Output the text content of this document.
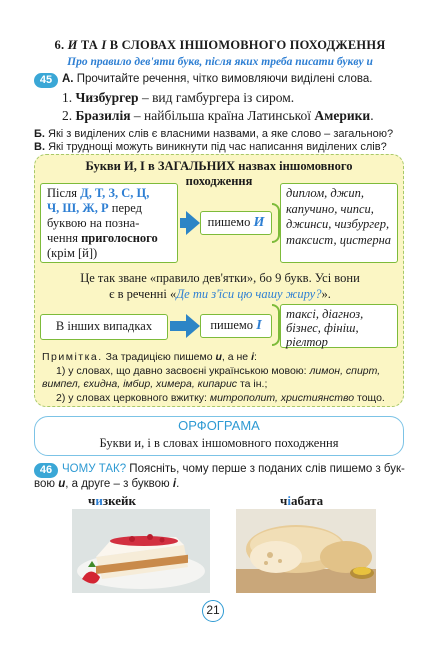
6. И ТА І В СЛОВАХ ІНШОМОВНОГО ПОХОДЖЕННЯ
Про правило дев'яти букв, після яких треба писати букву и
45 А. Прочитайте речення, чітко вимовляючи виділені слова.
1. Чизбургер – вид гамбургера із сиром.
2. Бразилія – найбільша країна Латинської Америки.
Б. Які з виділених слів є власними назвами, а яке слово – загальною?
В. Які труднощі можуть виникнути під час написання виділених слів?
Букви И, І в ЗАГАЛЬНИХ назвах іншомовного
походження
Після Д, Т, З, С, Ц,
Ч, Ш, Ж, Р перед
буквою на позна-
чення приголосного
(крім [й])
пишемо И
диплом, джип, капучино, чипси, джинси, чизбургер, таксист, цистерна
Це так зване «правило дев'ятки», бо 9 букв. Усі вони
є в реченні «Де ти з'їси цю чашу жиру?».
В інших випадках	пишемо І
таксі, діагноз, бізнес, фініш, ріелтор
Примітка. За традицією пишемо и, а не і:
1) у словах, що давно засвоєні українською мовою: лимон, спирт,
вимпел, єхидна, імбир, химера, кипарис та ін.;
2) у словах церковного вжитку: митрополит, християнство тощо.
ОРФОГРАМА
Букви и, і в словах іншомовного походження
46 ЧОМУ ТАК? Поясніть, чому перше з поданих слів пишемо з бук-
вою и, а друге – з буквою і.
чизкейк	чіабата
21
